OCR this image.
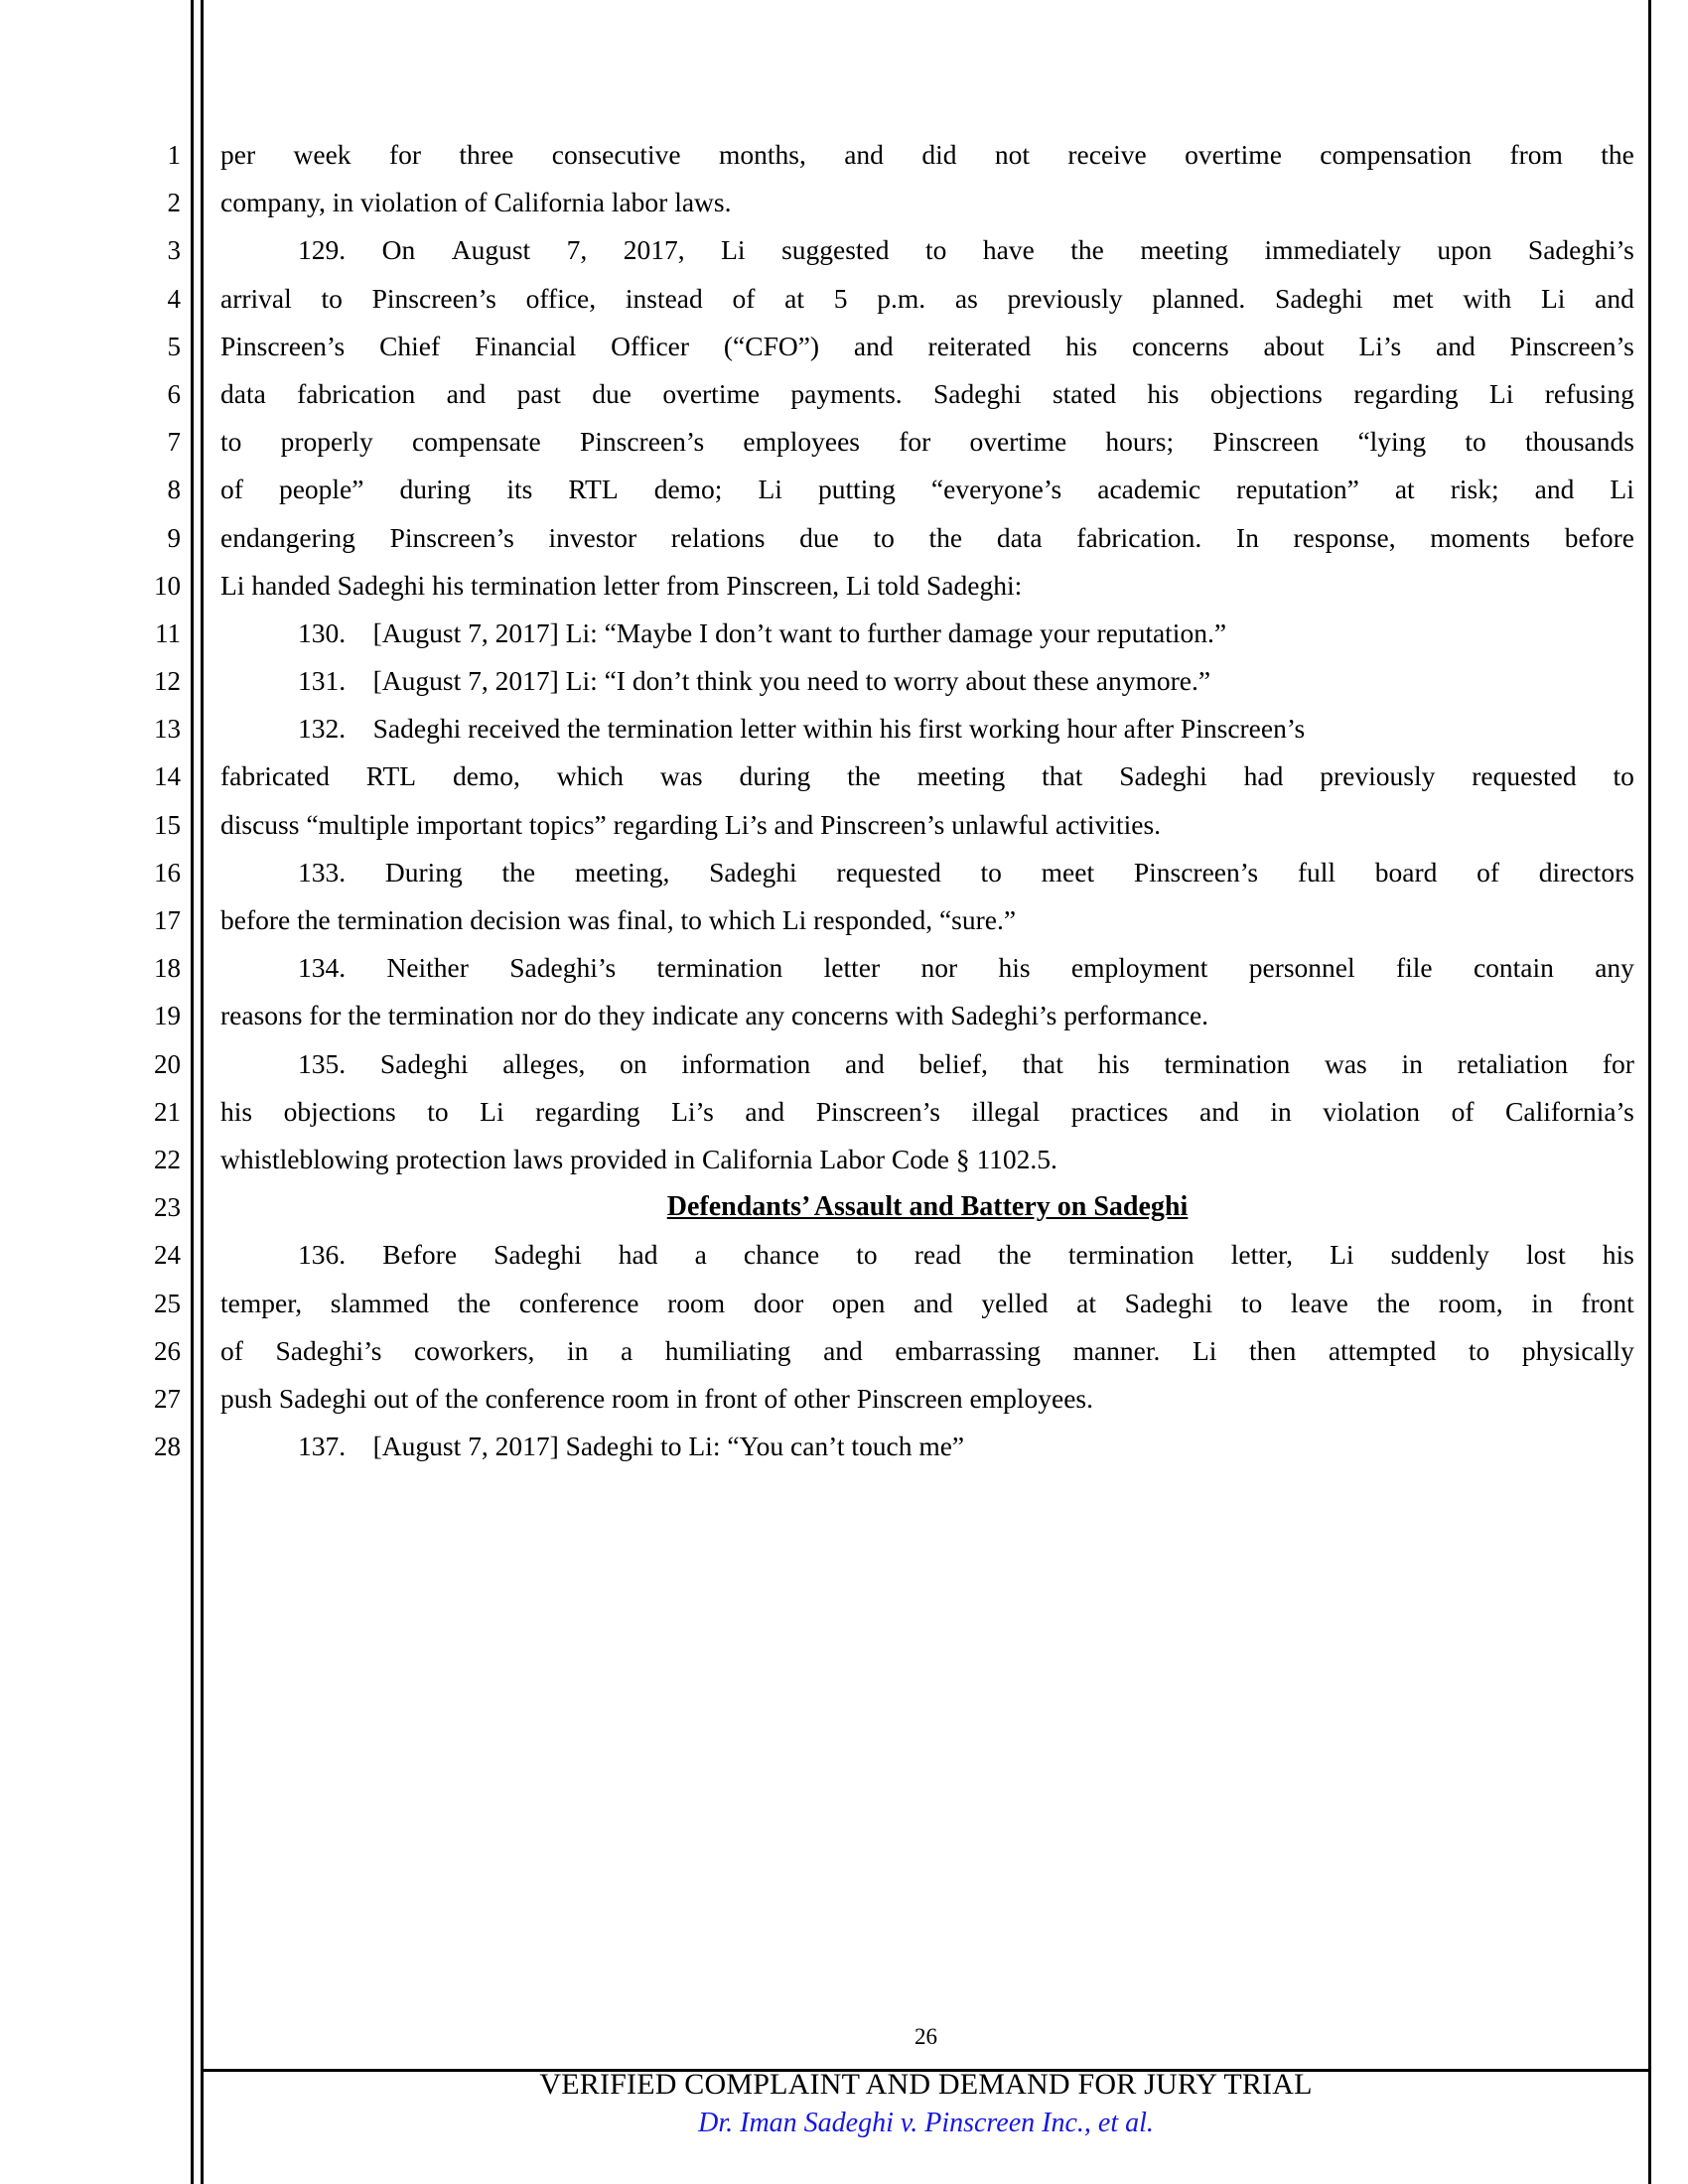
1 per week for three consecutive months, and did not receive overtime compensation from the
2 company, in violation of California labor laws.
3	129. On August 7, 2017, Li suggested to have the meeting immediately upon Sadeghi’s
4 arrival to Pinscreen’s office, instead of at 5 p.m. as previously planned. Sadeghi met with Li and
5 Pinscreen’s Chief Financial Officer (“CFO”) and reiterated his concerns about Li’s and Pinscreen’s
6 data fabrication and past due overtime payments. Sadeghi stated his objections regarding Li refusing
7 to properly compensate Pinscreen’s employees for overtime hours; Pinscreen “lying to thousands
8 of people” during its RTL demo; Li putting “everyone’s academic reputation” at risk; and Li
9 endangering Pinscreen’s investor relations due to the data fabrication. In response, moments before
10 Li handed Sadeghi his termination letter from Pinscreen, Li told Sadeghi:
11	130. [August 7, 2017] Li: “Maybe I don’t want to further damage your reputation.”
12	131. [August 7, 2017] Li: “I don’t think you need to worry about these anymore.”
13	132. Sadeghi received the termination letter within his first working hour after Pinscreen’s
14 fabricated RTL demo, which was during the meeting that Sadeghi had previously requested to
15 discuss “multiple important topics” regarding Li’s and Pinscreen’s unlawful activities.
16	133. During the meeting, Sadeghi requested to meet Pinscreen’s full board of directors
17 before the termination decision was final, to which Li responded, “sure.”
18	134. Neither Sadeghi’s termination letter nor his employment personnel file contain any
19 reasons for the termination nor do they indicate any concerns with Sadeghi’s performance.
20	135. Sadeghi alleges, on information and belief, that his termination was in retaliation for
21 his objections to Li regarding Li’s and Pinscreen’s illegal practices and in violation of California’s
22 whistleblowing protection laws provided in California Labor Code § 1102.5.
23	Defendants’ Assault and Battery on Sadeghi
24	136. Before Sadeghi had a chance to read the termination letter, Li suddenly lost his
25 temper, slammed the conference room door open and yelled at Sadeghi to leave the room, in front
26 of Sadeghi’s coworkers, in a humiliating and embarrassing manner. Li then attempted to physically
27 push Sadeghi out of the conference room in front of other Pinscreen employees.
28	137. [August 7, 2017] Sadeghi to Li: “You can’t touch me”
26
VERIFIED COMPLAINT AND DEMAND FOR JURY TRIAL
Dr. Iman Sadeghi v. Pinscreen Inc., et al.
